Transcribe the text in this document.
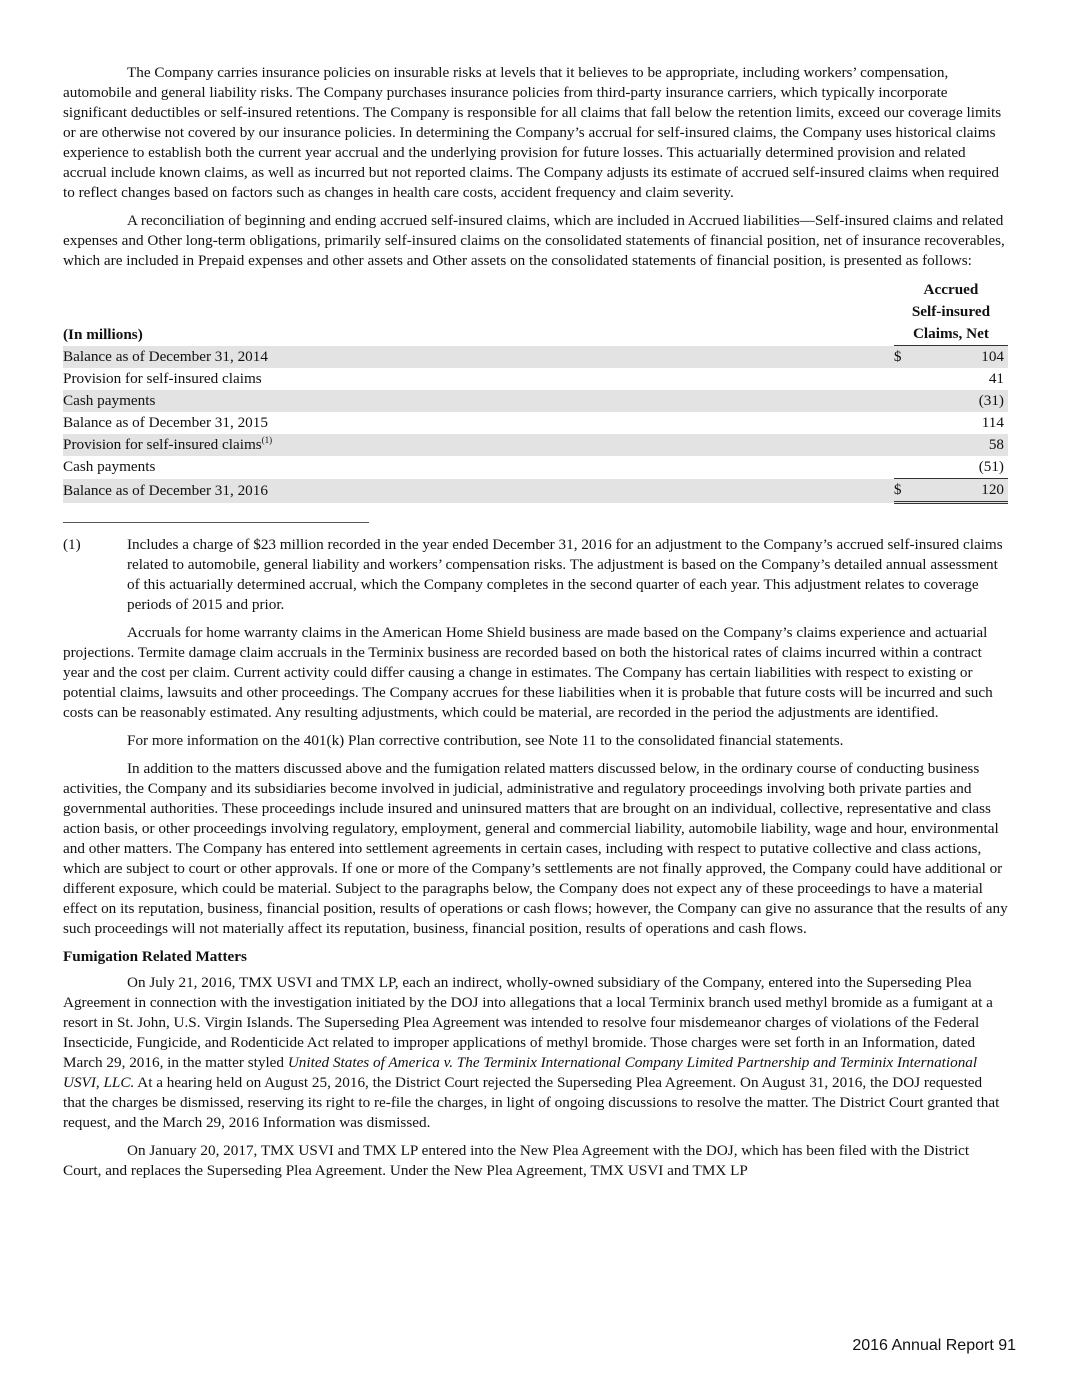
The Company carries insurance policies on insurable risks at levels that it believes to be appropriate, including workers’ compensation, automobile and general liability risks. The Company purchases insurance policies from third-party insurance carriers, which typically incorporate significant deductibles or self-insured retentions. The Company is responsible for all claims that fall below the retention limits, exceed our coverage limits or are otherwise not covered by our insurance policies. In determining the Company’s accrual for self-insured claims, the Company uses historical claims experience to establish both the current year accrual and the underlying provision for future losses. This actuarially determined provision and related accrual include known claims, as well as incurred but not reported claims. The Company adjusts its estimate of accrued self-insured claims when required to reflect changes based on factors such as changes in health care costs, accident frequency and claim severity.

A reconciliation of beginning and ending accrued self-insured claims, which are included in Accrued liabilities—Self-insured claims and related expenses and Other long-term obligations, primarily self-insured claims on the consolidated statements of financial position, net of insurance recoverables, which are included in Prepaid expenses and other assets and Other assets on the consolidated statements of financial position, is presented as follows:

	Accrued	
	Self-insured	
(In millions)	Claims, Net	
Balance as of December 31, 2014	$	104
Provision for self-insured claims		41
Cash payments		(31)
Balance as of December 31, 2015		114
Provision for self-insured claims$^{(1)}$		58
Cash payments		(51)
Balance as of December 31, 2016	$	120
(1)	Includes a charge of $23 million recorded in the year ended December 31, 2016 for an adjustment to the Company’s accrued self-insured claims related to automobile, general liability and workers’ compensation risks. The adjustment is based on the Company’s detailed annual assessment of this actuarially determined accrual, which the Company completes in the second quarter of each year. This adjustment relates to coverage periods of 2015 and prior.

Accruals for home warranty claims in the American Home Shield business are made based on the Company’s claims experience and actuarial projections. Termite damage claim accruals in the Terminix business are recorded based on both the historical rates of claims incurred within a contract year and the cost per claim. Current activity could differ causing a change in estimates. The Company has certain liabilities with respect to existing or potential claims, lawsuits and other proceedings. The Company accrues for these liabilities when it is probable that future costs will be incurred and such costs can be reasonably estimated. Any resulting adjustments, which could be material, are recorded in the period the adjustments are identified.

For more information on the 401(k) Plan corrective contribution, see Note 11 to the consolidated financial statements.

In addition to the matters discussed above and the fumigation related matters discussed below, in the ordinary course of conducting business activities, the Company and its subsidiaries become involved in judicial, administrative and regulatory proceedings involving both private parties and governmental authorities. These proceedings include insured and uninsured matters that are brought on an individual, collective, representative and class action basis, or other proceedings involving regulatory, employment, general and commercial liability, automobile liability, wage and hour, environmental and other matters. The Company has entered into settlement agreements in certain cases, including with respect to putative collective and class actions, which are subject to court or other approvals. If one or more of the Company’s settlements are not finally approved, the Company could have additional or different exposure, which could be material. Subject to the paragraphs below, the Company does not expect any of these proceedings to have a material effect on its reputation, business, financial position, results of operations or cash flows; however, the Company can give no assurance that the results of any such proceedings will not materially affect its reputation, business, financial position, results of operations and cash flows.

Fumigation Related Matters

On July 21, 2016, TMX USVI and TMX LP, each an indirect, wholly-owned subsidiary of the Company, entered into the Superseding Plea Agreement in connection with the investigation initiated by the DOJ into allegations that a local Terminix branch used methyl bromide as a fumigant at a resort in St. John, U.S. Virgin Islands. The Superseding Plea Agreement was intended to resolve four misdemeanor charges of violations of the Federal Insecticide, Fungicide, and Rodenticide Act related to improper applications of methyl bromide. Those charges were set forth in an Information, dated March 29, 2016, in the matter styled United States of America v. The Terminix International Company Limited Partnership and Terminix International USVI, LLC. At a hearing held on August 25, 2016, the District Court rejected the Superseding Plea Agreement. On August 31, 2016, the DOJ requested that the charges be dismissed, reserving its right to re-file the charges, in light of ongoing discussions to resolve the matter. The District Court granted that request, and the March 29, 2016 Information was dismissed.

On January 20, 2017, TMX USVI and TMX LP entered into the New Plea Agreement with the DOJ, which has been filed with the District Court, and replaces the Superseding Plea Agreement. Under the New Plea Agreement, TMX USVI and TMX LP

2016 Annual Report 91
